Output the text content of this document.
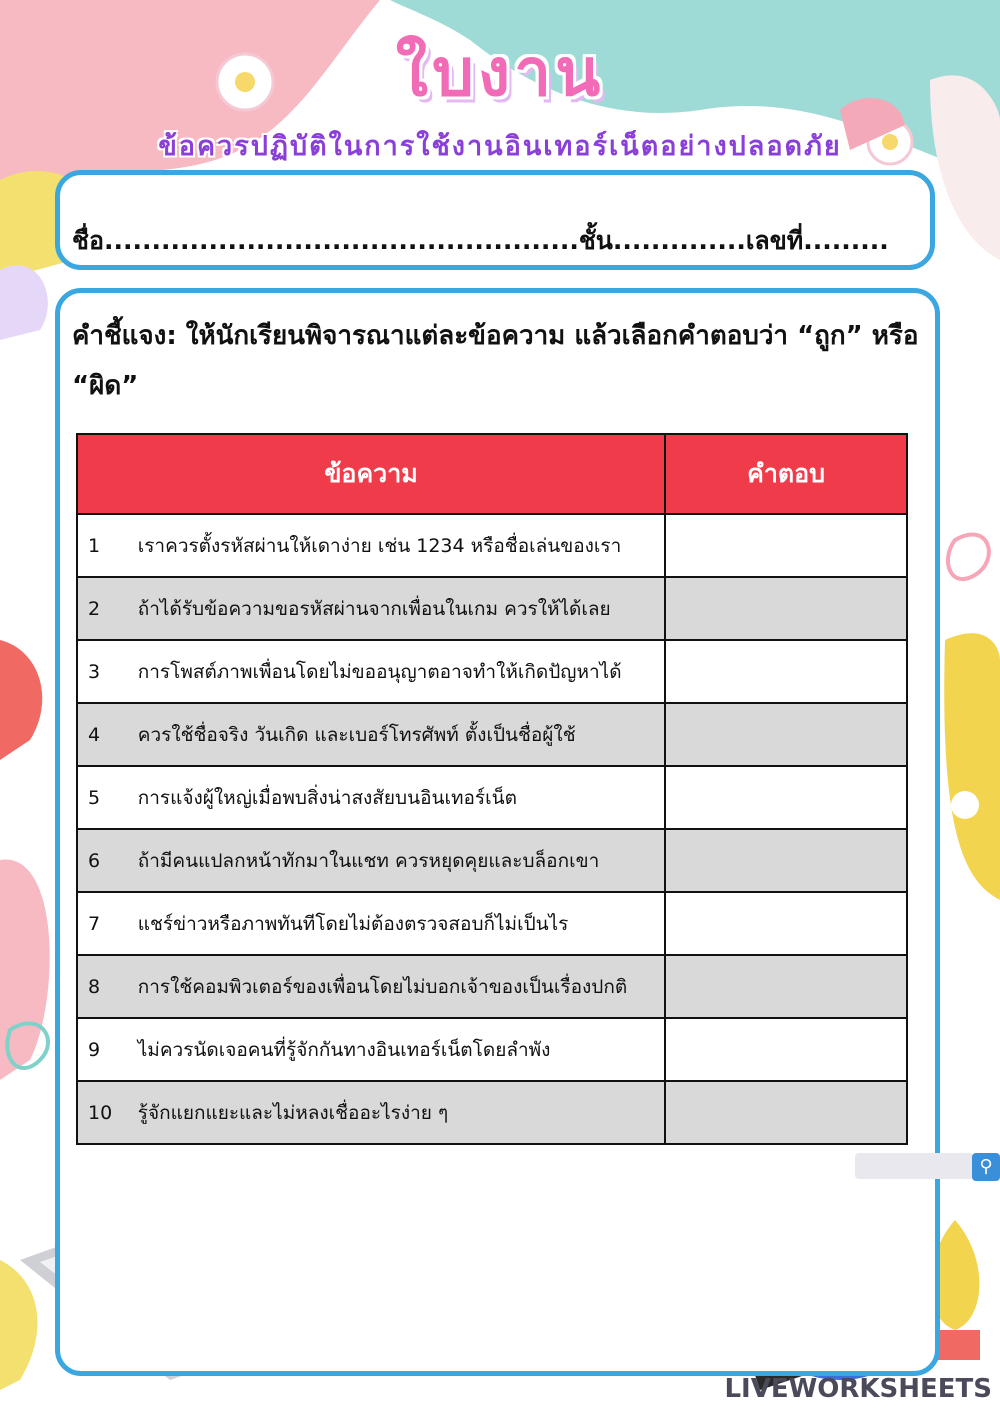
ใบงาน
ข้อควรปฏิบัติในการใช้งานอินเทอร์เน็ตอย่างปลอดภัย
ชื่อ..................................................ชั้น..............เลขที่.........
คำชี้แจง: ให้นักเรียนพิจารณาแต่ละข้อความ แล้วเลือกคำตอบว่า “ถูก” หรือ “ผิด”
ข้อความ		คำตอบ
1	เราควรตั้งรหัสผ่านให้เดาง่าย เช่น 1234 หรือชื่อเล่นของเรา	
2	ถ้าได้รับข้อความขอรหัสผ่านจากเพื่อนในเกม ควรให้ได้เลย	
3	การโพสต์ภาพเพื่อนโดยไม่ขออนุญาตอาจทำให้เกิดปัญหาได้	
4	ควรใช้ชื่อจริง วันเกิด และเบอร์โทรศัพท์ ตั้งเป็นชื่อผู้ใช้	
5	การแจ้งผู้ใหญ่เมื่อพบสิ่งน่าสงสัยบนอินเทอร์เน็ต	
6	ถ้ามีคนแปลกหน้าทักมาในแชท ควรหยุดคุยและบล็อกเขา	
7	แชร์ข่าวหรือภาพทันทีโดยไม่ต้องตรวจสอบก็ไม่เป็นไร	
8	การใช้คอมพิวเตอร์ของเพื่อนโดยไม่บอกเจ้าของเป็นเรื่องปกติ	
9	ไม่ควรนัดเจอคนที่รู้จักกันทางอินเทอร์เน็ตโดยลำพัง	
10	รู้จักแยกแยะและไม่หลงเชื่ออะไรง่าย ๆ	
⚲
LIVEWORKSHEETS
